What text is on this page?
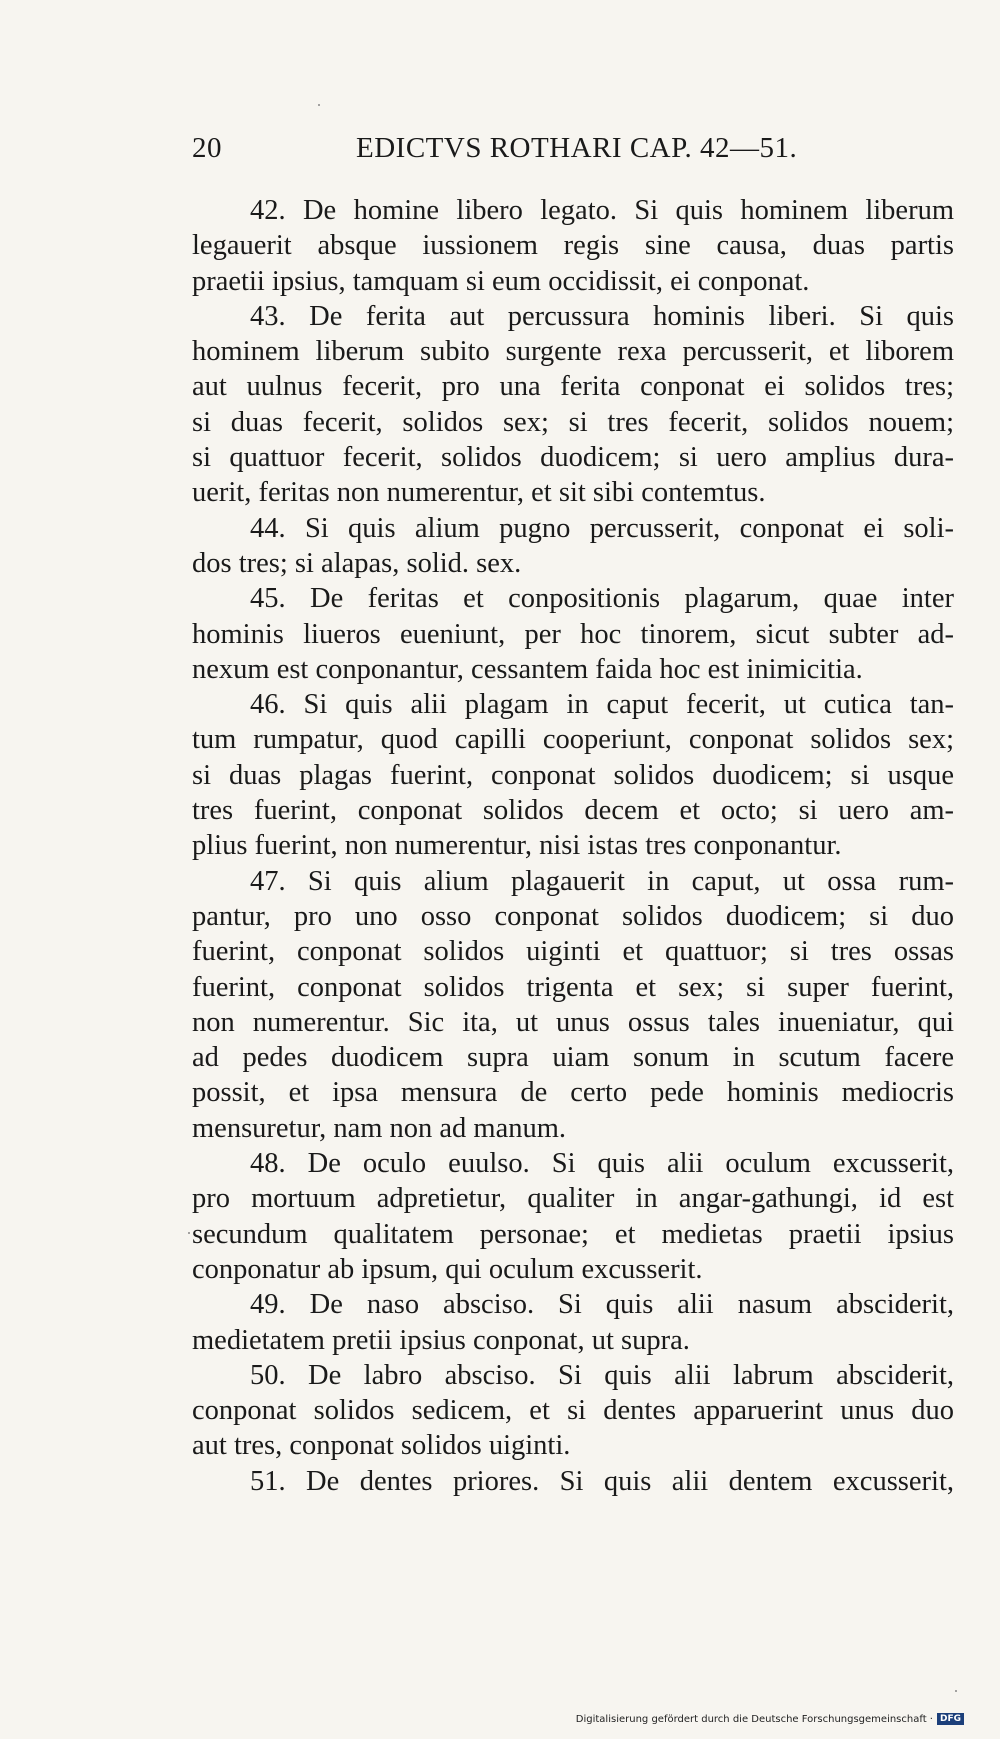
20	EDICTVS ROTHARI CAP. 42—51.
42. De homine libero legato. Si quis hominem liberum
legauerit absque iussionem regis sine causa, duas partis
praetii ipsius, tamquam si eum occidissit, ei conponat.
43. De ferita aut percussura hominis liberi. Si quis
hominem liberum subito surgente rexa percusserit, et liborem
aut uulnus fecerit, pro una ferita conponat ei solidos tres;
si duas fecerit, solidos sex; si tres fecerit, solidos nouem;
si quattuor fecerit, solidos duodicem; si uero amplius dura-
uerit, feritas non numerentur, et sit sibi contemtus.
44. Si quis alium pugno percusserit, conponat ei soli-
dos tres; si alapas, solid. sex.
45. De feritas et conpositionis plagarum, quae inter
hominis liueros eueniunt, per hoc tinorem, sicut subter ad-
nexum est conponantur, cessantem faida hoc est inimicitia.
46. Si quis alii plagam in caput fecerit, ut cutica tan-
tum rumpatur, quod capilli cooperiunt, conponat solidos sex;
si duas plagas fuerint, conponat solidos duodicem; si usque
tres fuerint, conponat solidos decem et octo; si uero am-
plius fuerint, non numerentur, nisi istas tres conponantur.
47. Si quis alium plagauerit in caput, ut ossa rum-
pantur, pro uno osso conponat solidos duodicem; si duo
fuerint, conponat solidos uiginti et quattuor; si tres ossas
fuerint, conponat solidos trigenta et sex; si super fuerint,
non numerentur. Sic ita, ut unus ossus tales inueniatur, qui
ad pedes duodicem supra uiam sonum in scutum facere
possit, et ipsa mensura de certo pede hominis mediocris
mensuretur, nam non ad manum.
48. De oculo euulso. Si quis alii oculum excusserit,
pro mortuum adpretietur, qualiter in angar-gathungi, id est
secundum qualitatem personae; et medietas praetii ipsius
conponatur ab ipsum, qui oculum excusserit.
49. De naso absciso. Si quis alii nasum absciderit,
medietatem pretii ipsius conponat, ut supra.
50. De labro absciso. Si quis alii labrum absciderit,
conponat solidos sedicem, et si dentes apparuerint unus duo
aut tres, conponat solidos uiginti.
51. De dentes priores. Si quis alii dentem excusserit,
Digitalisierung gefördert durch die Deutsche Forschungsgemeinschaft · DFG
